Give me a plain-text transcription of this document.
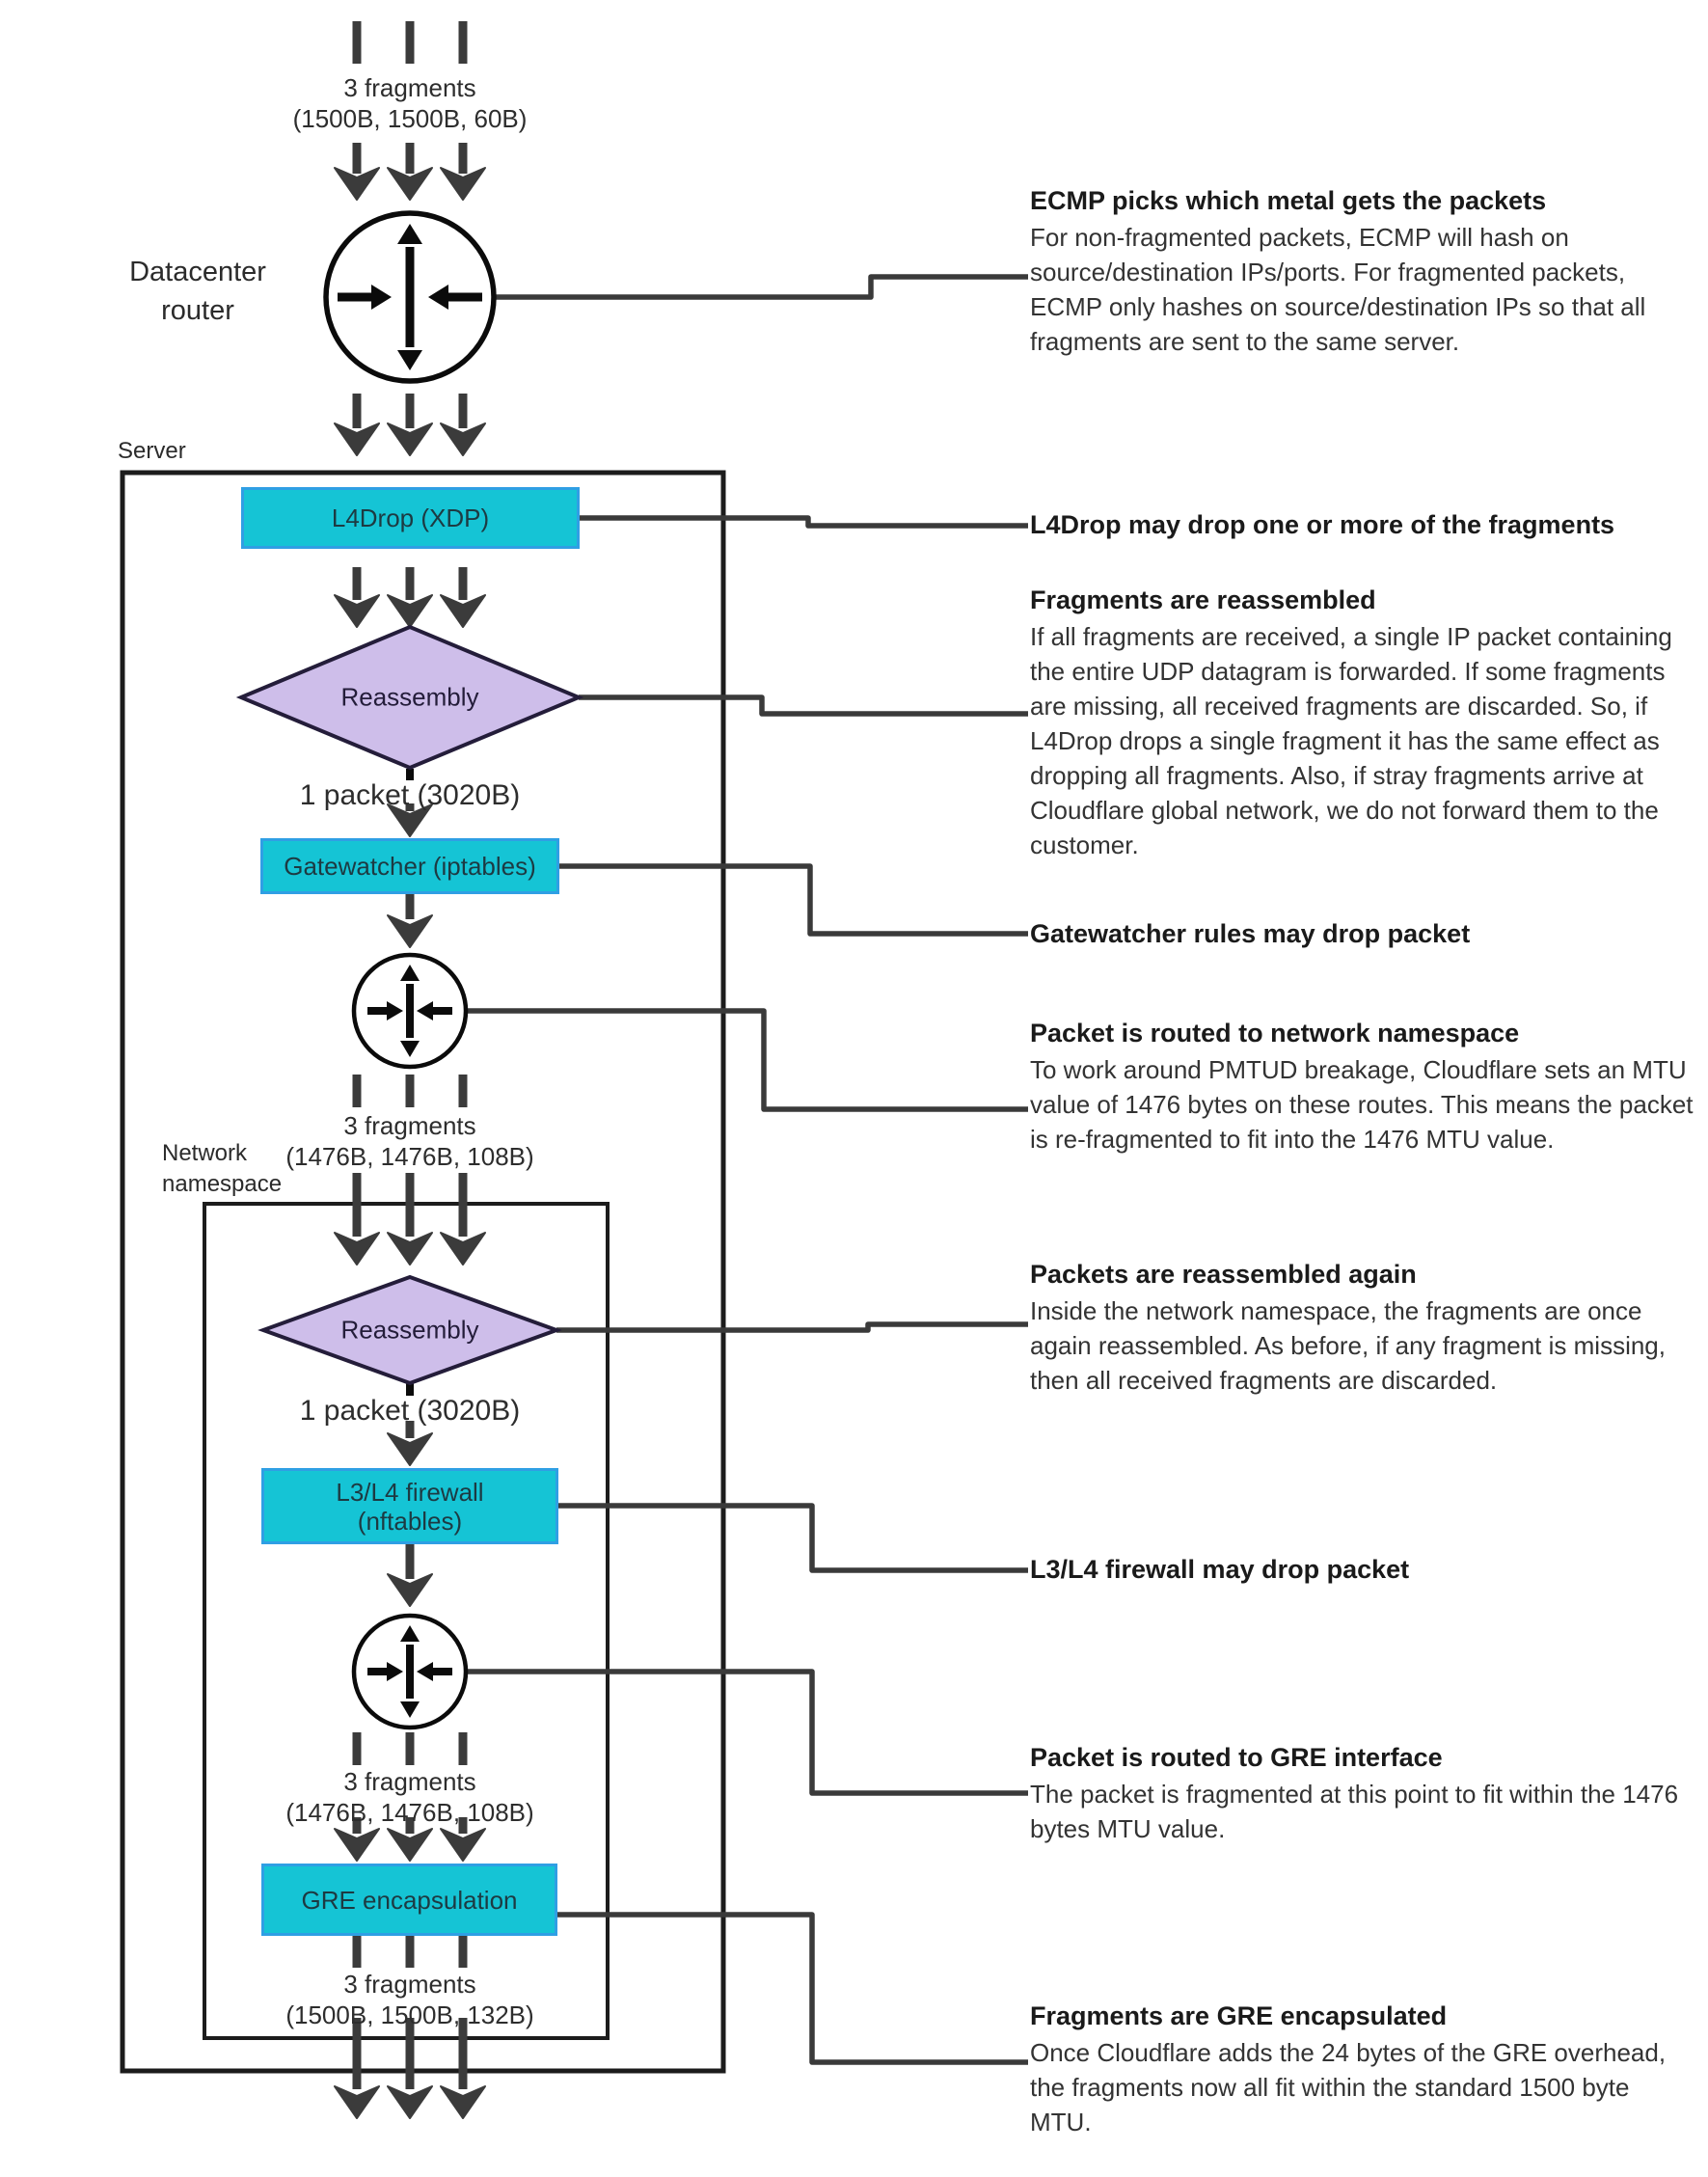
3 fragments
(1500B, 1500B, 60B)
Datacenter router
Server
L4Drop (XDP)
Reassembly
1 packet (3020B)
Gatewatcher (iptables)
3 fragments
(1476B, 1476B, 108B)
Network namespace
Reassembly
1 packet (3020B)
L3/L4 firewall (nftables)
3 fragments
(1476B, 1476B, 108B)
GRE encapsulation
3 fragments
(1500B, 1500B, 132B)
ECMP picks which metal gets the packets
For non-fragmented packets, ECMP will hash on source/destination IPs/ports. For fragmented packets, ECMP only hashes on source/destination IPs so that all fragments are sent to the same server.
L4Drop may drop one or more of the fragments
Fragments are reassembled
If all fragments are received, a single IP packet containing the entire UDP datagram is forwarded. If some fragments are missing, all received fragments are discarded. So, if L4Drop drops a single fragment it has the same effect as dropping all fragments. Also, if stray fragments arrive at Cloudflare global network, we do not forward them to the customer.
Gatewatcher rules may drop packet
Packet is routed to network namespace
To work around PMTUD breakage, Cloudflare sets an MTU value of 1476 bytes on these routes. This means the packet is re-fragmented to fit into the 1476 MTU value.
Packets are reassembled again
Inside the network namespace, the fragments are once again reassembled. As before, if any fragment is missing, then all received fragments are discarded.
L3/L4 firewall may drop packet
Packet is routed to GRE interface
The packet is fragmented at this point to fit within the 1476 bytes MTU value.
Fragments are GRE encapsulated
Once Cloudflare adds the 24 bytes of the GRE overhead, the fragments now all fit within the standard 1500 byte MTU.
